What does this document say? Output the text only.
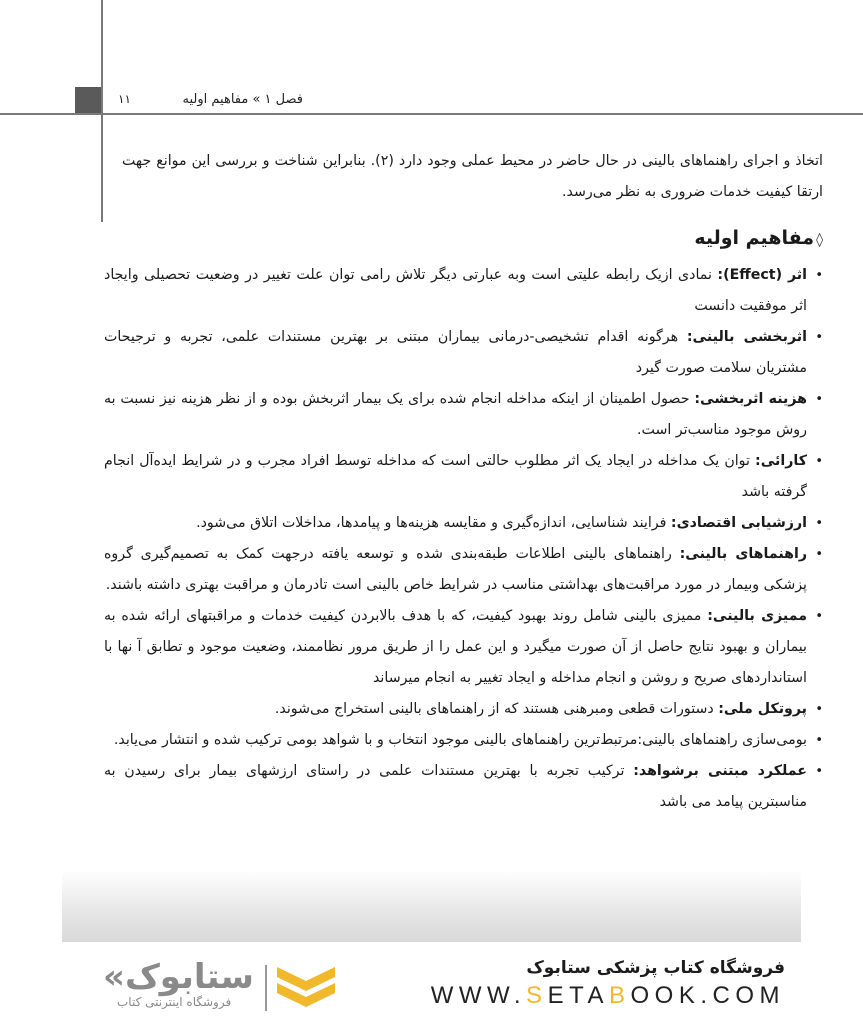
۱۱	فصل ۱ » مفاهیم اولیه

اتخاذ و اجرای راهنماهای بالینی در حال حاضر در محیط عملی وجود دارد (۲). بنابراین شناخت و بررسی این موانع جهت ارتقا کیفیت خدمات ضروری به نظر می‌رسد.

◊مفاهیم اولیه
•
اثر (Effect): نمادی ازیک رابطه علیتی است وبه عبارتی دیگر تلاش رامی توان علت تغییر در وضعیت تحصیلی وایجاد اثر موفقیت دانست
•
اثربخشی بالینی: هرگونه اقدام تشخیصی-درمانی بیماران مبتنی بر بهترین مستندات علمی، تجربه و ترجیحات مشتریان سلامت صورت گیرد
•
هزینه اثربخشی: حصول اطمینان از اینکه مداخله انجام شده برای یک بیمار اثربخش بوده و از نظر هزینه نیز نسبت به روش موجود مناسب‌تر است.
•
کارائی: توان یک مداخله در ایجاد یک اثر مطلوب حالتی است که مداخله توسط افراد مجرب و در شرایط ایده‌آل انجام گرفته باشد
•
ارزشیابی اقتصادی: فرایند شناسایی، اندازه‌گیری و مقایسه هزینه‌ها و پیامدها، مداخلات اتلاق می‌شود.
•
راهنماهای بالینی: راهنماهای بالینی اطلاعات طبقه‌بندی شده و توسعه یافته درجهت کمک به تصمیم‌گیری گروه پزشکی وبیمار در مورد مراقبت‌های بهداشتی مناسب در شرایط خاص بالینی است تادرمان و مراقبت بهتری داشته باشند.
•
ممیزی بالینی: ممیزی بالینی شامل روند بهبود کیفیت، که با هدف بالابردن کیفیت خدمات و مراقبتهای ارائه شده به بیماران و بهبود نتایج حاصل از آن صورت میگیرد و این عمل را از طریق مرور نظاممند، وضعیت موجود و تطابق آ نها با استانداردهای صریح و روشن و انجام مداخله و ایجاد تغییر به انجام میرساند
•
پروتکل ملی: دستورات قطعی ومبرهنی هستند که از راهنماهای بالینی استخراج می‌شوند.
•
بومی‌سازی راهنماهای بالینی:مرتبط‌ترین راهنماهای بالینی موجود انتخاب و با شواهد بومی ترکیب شده و انتشار می‌یابد.
•
عملکرد مبتنی برشواهد: ترکیب تجربه با بهترین مستندات علمی در راستای ارزشهای بیمار برای رسیدن به مناسبترین پیامد می باشد
«ستابوک
فروشگاه اینترنتی کتاب
فروشگاه کتاب پزشکی ستابوک
WWW.SETABOOK.COM
